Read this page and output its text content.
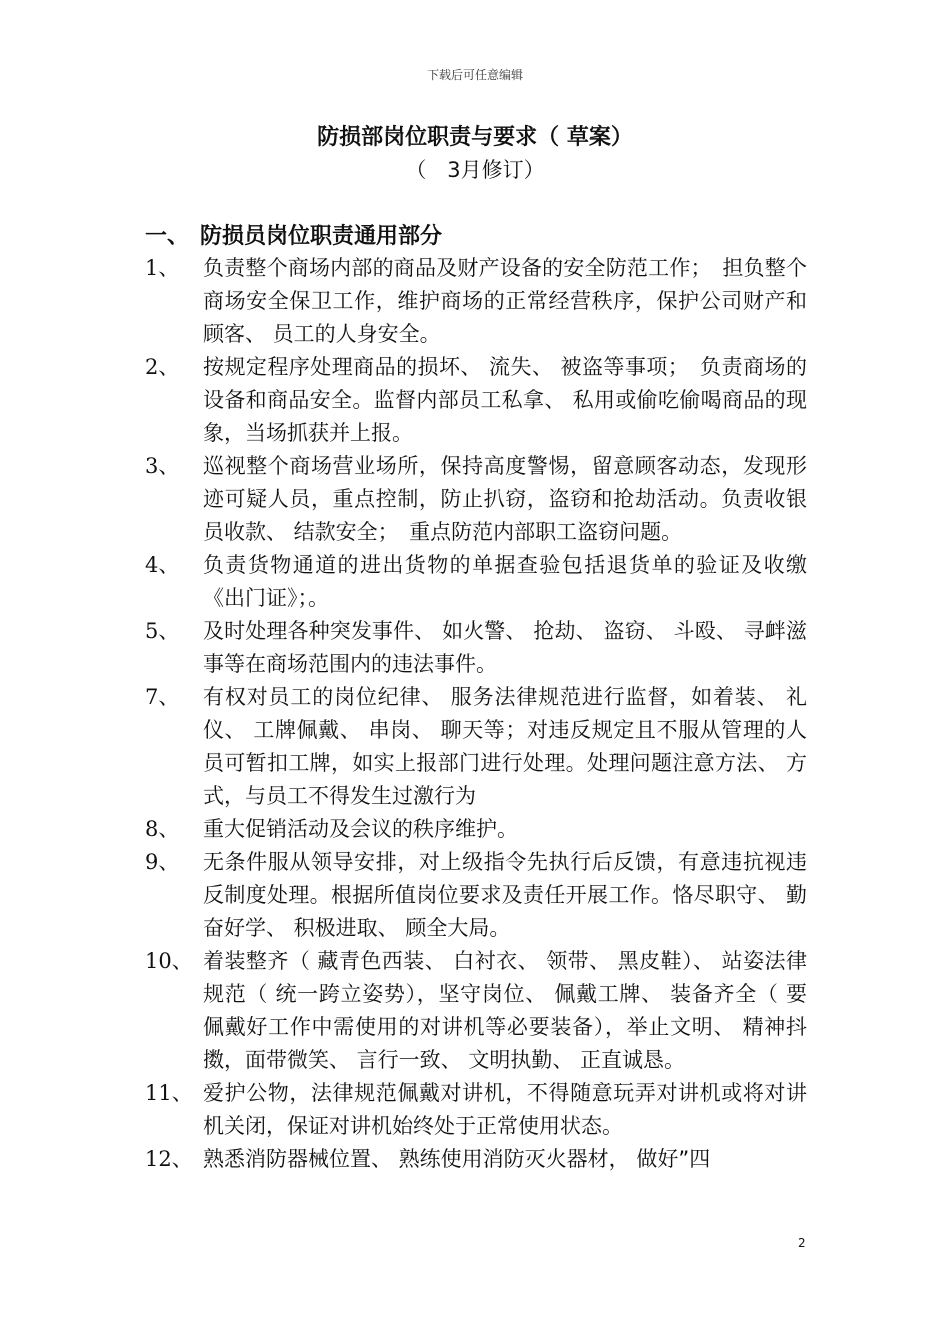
下载后可任意编辑
防损部岗位职责与要求（ 草案）
（　3月修订）
一、　防损员岗位职责通用部分
1、	负责整个商场内部的商品及财产设备的安全防范工作；　担负整个商场安全保卫工作，维护商场的正常经营秩序，保护公司财产和顾客、 员工的人身安全。
2、	按规定程序处理商品的损坏、 流失、 被盗等事项；　负责商场的设备和商品安全。监督内部员工私拿、 私用或偷吃偷喝商品的现象，当场抓获并上报。
3、	巡视整个商场营业场所，保持高度警惕，留意顾客动态，发现形迹可疑人员，重点控制，防止扒窃，盗窃和抢劫活动。负责收银员收款、 结款安全；　重点防范内部职工盗窃问题。
4、	负责货物通道的进出货物的单据查验包括退货单的验证及收缴《出门证》；。
5、	及时处理各种突发事件、 如火警、 抢劫、 盗窃、 斗殴、 寻衅滋事等在商场范围内的违法事件。
7、	有权对员工的岗位纪律、 服务法律规范进行监督，如着装、 礼仪、 工牌佩戴、 串岗、 聊天等；对违反规定且不服从管理的人员可暂扣工牌，如实上报部门进行处理。处理问题注意方法、 方式，与员工不得发生过激行为
8、	重大促销活动及会议的秩序维护。
9、	无条件服从领导安排，对上级指令先执行后反馈，有意违抗视违反制度处理。根据所值岗位要求及责任开展工作。恪尽职守、 勤奋好学、 积极进取、 顾全大局。
10、 着装整齐（ 藏青色西装、 白衬衣、 领带、 黑皮鞋）、 站姿法律规范（ 统一跨立姿势），坚守岗位、 佩戴工牌、 装备齐全（ 要佩戴好工作中需使用的对讲机等必要装备），举止文明、 精神抖擞，面带微笑、 言行一致、 文明执勤、 正直诚恳。
11、 爱护公物，法律规范佩戴对讲机，不得随意玩弄对讲机或将对讲机关闭，保证对讲机始终处于正常使用状态。
12、 熟悉消防器械位置、 熟练使用消防灭火器材， 做好”四
2
